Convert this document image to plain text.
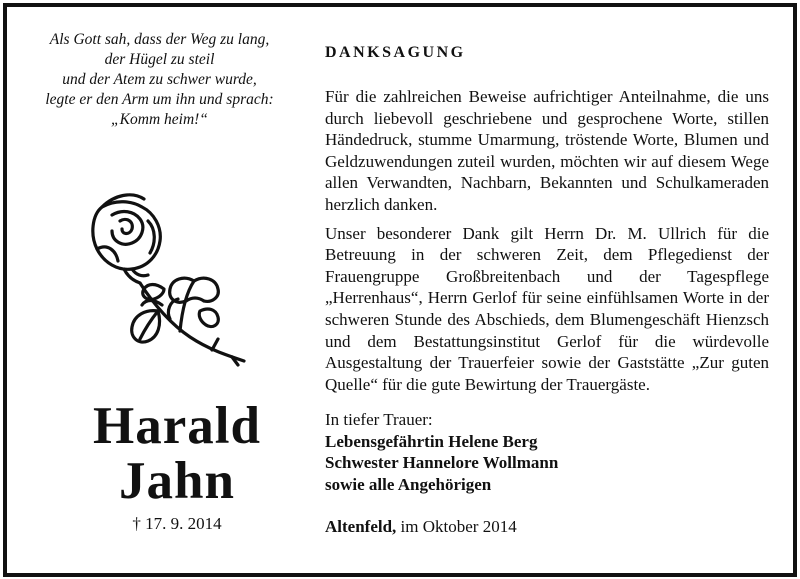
Als Gott sah, dass der Weg zu lang,
der Hügel zu steil
und der Atem zu schwer wurde,
legte er den Arm um ihn und sprach:
„Komm heim!“
Harald
Jahn
† 17. 9. 2014
DANKSAGUNG

Für die zahlreichen Beweise aufrichtiger Anteilnahme, die uns durch liebevoll geschriebene und gesprochene Worte, stillen Händedruck, stumme Umarmung, tröstende Worte, Blumen und Geldzuwendungen zuteil wurden, möchten wir auf diesem Wege allen Verwandten, Nachbarn, Bekannten und Schulkameraden herzlich danken.

Unser besonderer Dank gilt Herrn Dr. M. Ullrich für die Betreuung in der schweren Zeit, dem Pflegedienst der Frauengruppe Großbreitenbach und der Tagespflege „Herrenhaus“, Herrn Gerlof für seine einfühlsamen Worte in der schweren Stunde des Abschieds, dem Blumengeschäft Hienzsch und dem Bestattungsinstitut Gerlof für die würdevolle Ausgestaltung der Trauerfeier sowie der Gaststätte „Zur guten Quelle“ für die gute Bewirtung der Trauergäste.

In tiefer Trauer:
Lebensgefährtin Helene Berg
Schwester Hannelore Wollmann
sowie alle Angehörigen
Altenfeld, im Oktober 2014
